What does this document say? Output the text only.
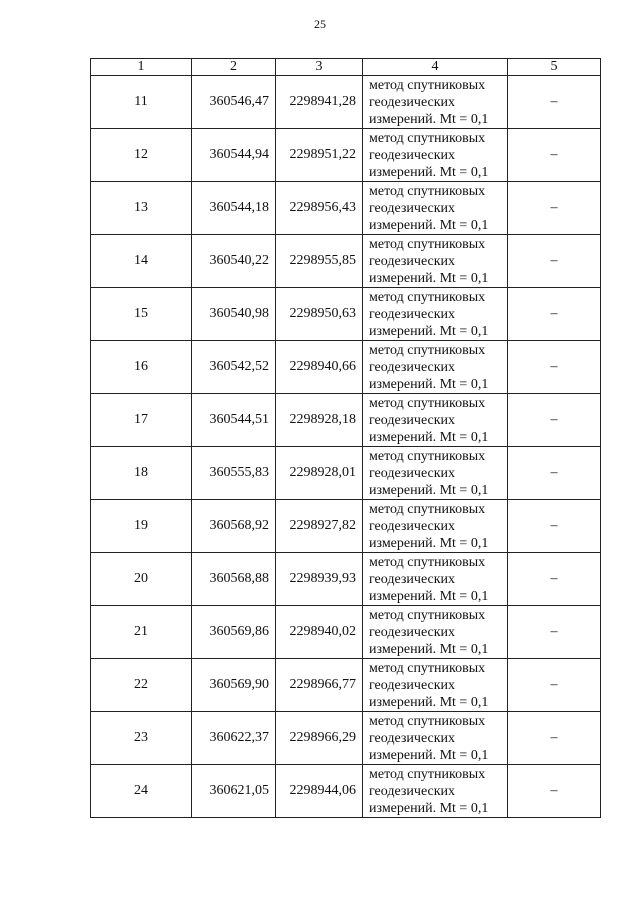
25
1	2	3	4	5
11	360546,47	2298941,28	метод спутниковых геодезических измерений. Mt = 0,1	–
12	360544,94	2298951,22	метод спутниковых геодезических измерений. Mt = 0,1	–
13	360544,18	2298956,43	метод спутниковых геодезических измерений. Mt = 0,1	–
14	360540,22	2298955,85	метод спутниковых геодезических измерений. Mt = 0,1	–
15	360540,98	2298950,63	метод спутниковых геодезических измерений. Mt = 0,1	–
16	360542,52	2298940,66	метод спутниковых геодезических измерений. Mt = 0,1	–
17	360544,51	2298928,18	метод спутниковых геодезических измерений. Mt = 0,1	–
18	360555,83	2298928,01	метод спутниковых геодезических измерений. Mt = 0,1	–
19	360568,92	2298927,82	метод спутниковых геодезических измерений. Mt = 0,1	–
20	360568,88	2298939,93	метод спутниковых геодезических измерений. Mt = 0,1	–
21	360569,86	2298940,02	метод спутниковых геодезических измерений. Mt = 0,1	–
22	360569,90	2298966,77	метод спутниковых геодезических измерений. Mt = 0,1	–
23	360622,37	2298966,29	метод спутниковых геодезических измерений. Mt = 0,1	–
24	360621,05	2298944,06	метод спутниковых геодезических измерений. Mt = 0,1	–
